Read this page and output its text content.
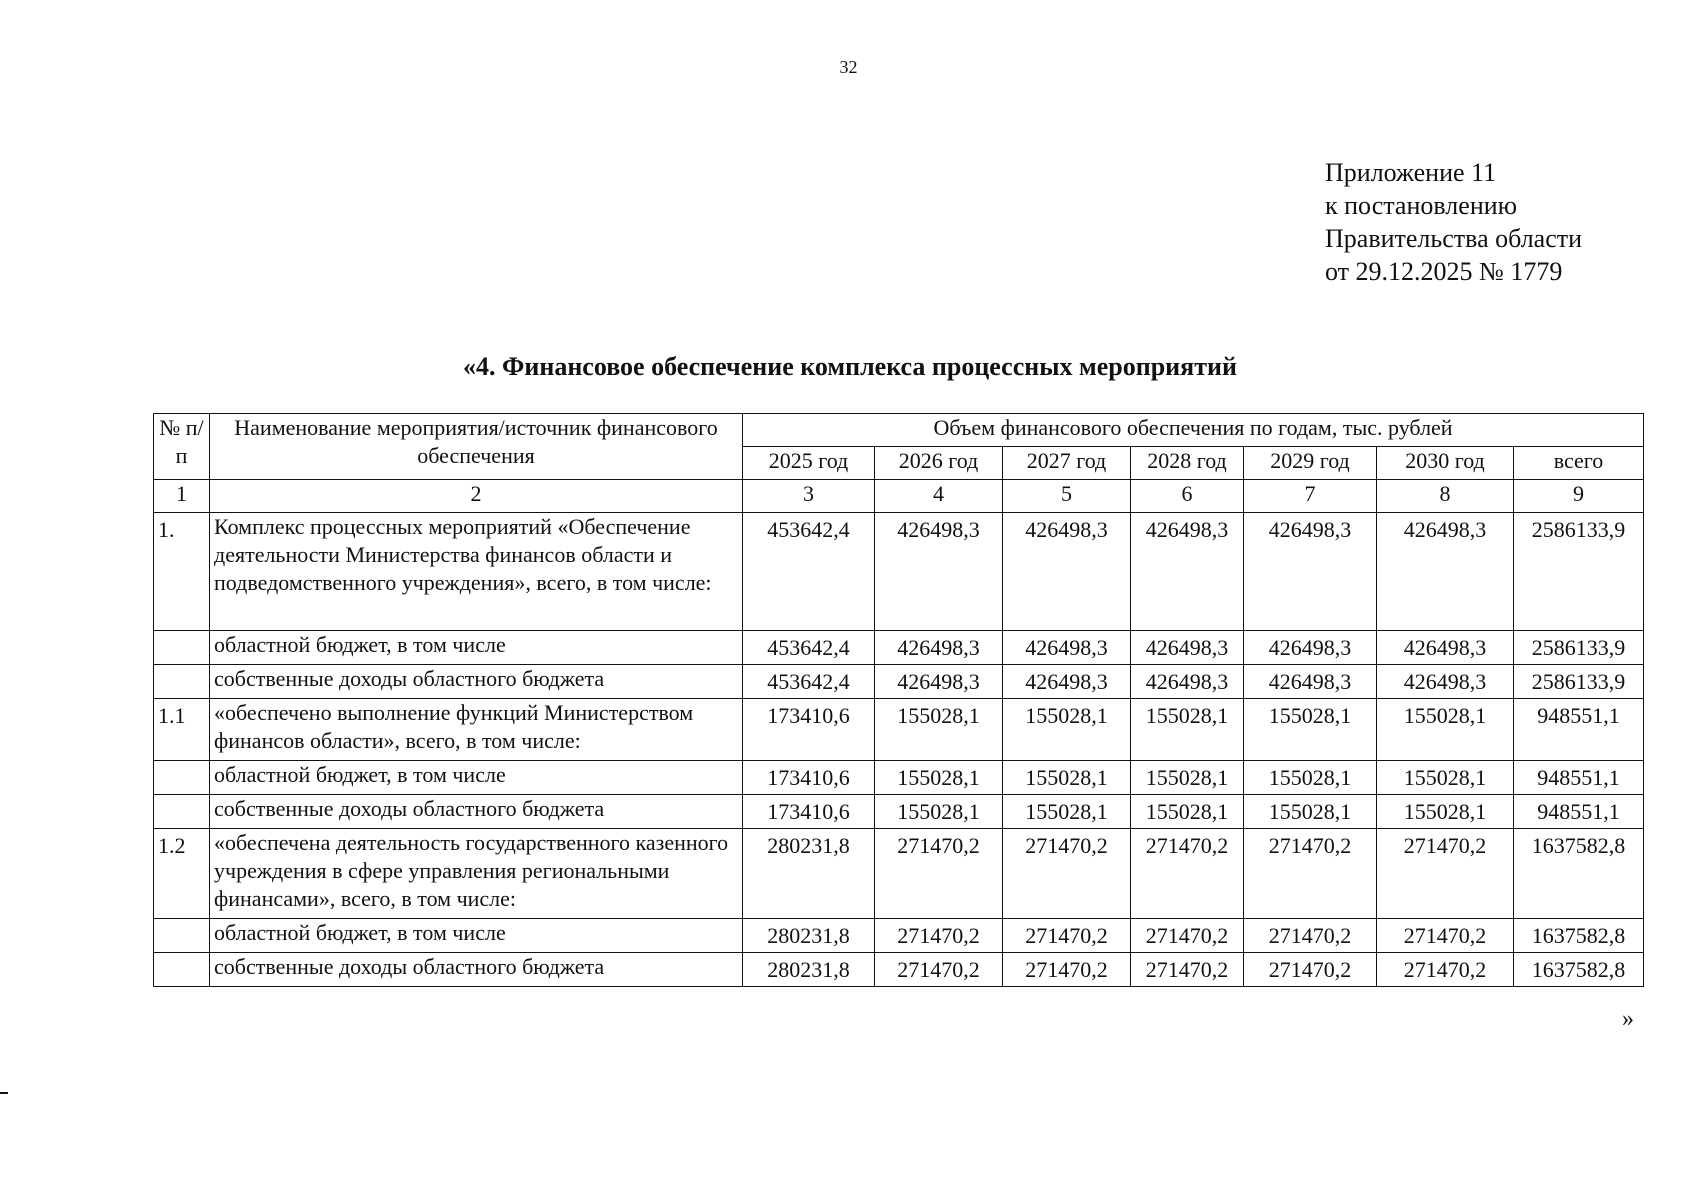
32
Приложение 11
к постановлению
Правительства области
от 29.12.2025 № 1779
«4. Финансовое обеспечение комплекса процессных мероприятий
№ п/п	Наименование мероприятия/источник финансового обеспечения	Объем финансового обеспечения по годам, тыс. рублей						
		2025 год	2026 год	2027 год	2028 год	2029 год	2030 год	всего
1	2	3	4	5	6	7	8	9
1.	Комплекс процессных мероприятий «Обеспечение деятельности Министерства финансов области и подведомственного учреждения», всего, в том числе:	453642,4	426498,3	426498,3	426498,3	426498,3	426498,3	2586133,9
	областной бюджет, в том числе	453642,4	426498,3	426498,3	426498,3	426498,3	426498,3	2586133,9
	собственные доходы областного бюджета	453642,4	426498,3	426498,3	426498,3	426498,3	426498,3	2586133,9
1.1	«обеспечено выполнение функций Министерством финансов области», всего, в том числе:	173410,6	155028,1	155028,1	155028,1	155028,1	155028,1	948551,1
	областной бюджет, в том числе	173410,6	155028,1	155028,1	155028,1	155028,1	155028,1	948551,1
	собственные доходы областного бюджета	173410,6	155028,1	155028,1	155028,1	155028,1	155028,1	948551,1
1.2	«обеспечена деятельность государственного казенного учреждения в сфере управления региональными финансами», всего, в том числе:	280231,8	271470,2	271470,2	271470,2	271470,2	271470,2	1637582,8
	областной бюджет, в том числе	280231,8	271470,2	271470,2	271470,2	271470,2	271470,2	1637582,8
	собственные доходы областного бюджета	280231,8	271470,2	271470,2	271470,2	271470,2	271470,2	1637582,8
»
